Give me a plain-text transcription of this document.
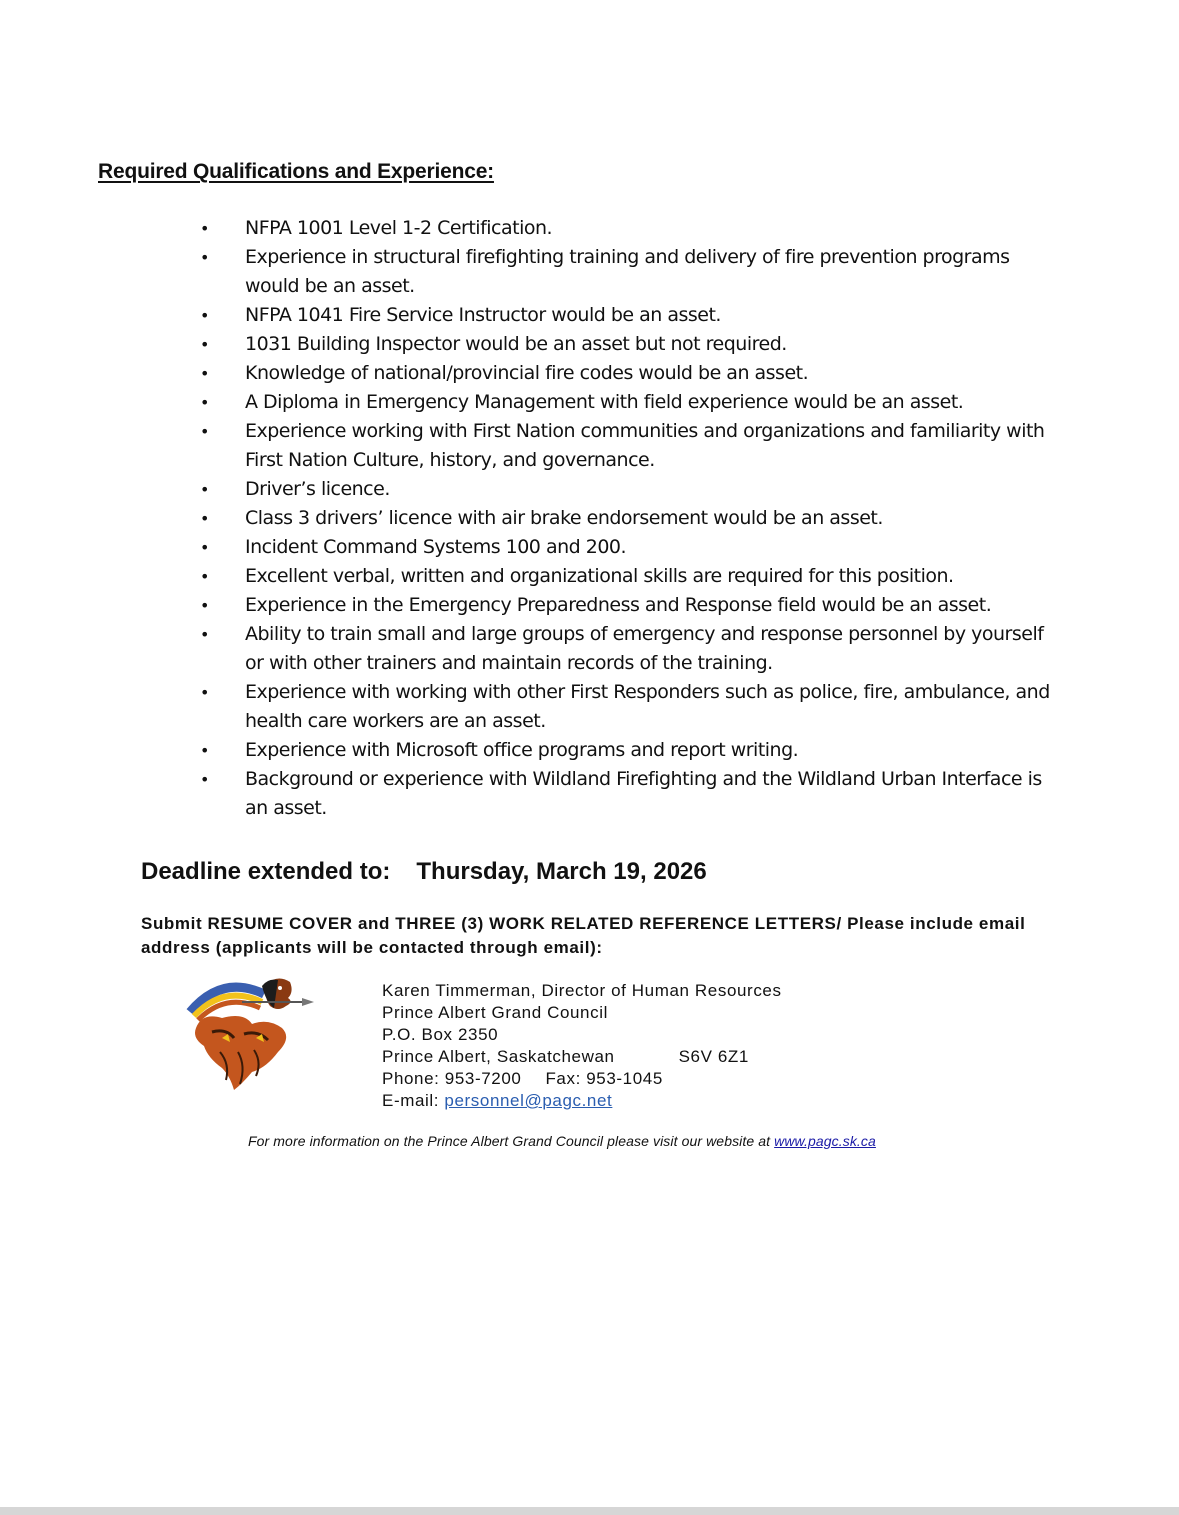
Required Qualifications and Experience:
• NFPA 1001 Level 1-2 Certification.
• Experience in structural firefighting training and delivery of fire prevention programs would be an asset.
• NFPA 1041 Fire Service Instructor would be an asset.
• 1031 Building Inspector would be an asset but not required.
• Knowledge of national/provincial fire codes would be an asset.
• A Diploma in Emergency Management with field experience would be an asset.
• Experience working with First Nation communities and organizations and familiarity with First Nation Culture, history, and governance.
• Driver’s licence.
• Class 3 drivers’ licence with air brake endorsement would be an asset.
• Incident Command Systems 100 and 200.
• Excellent verbal, written and organizational skills are required for this position.
• Experience in the Emergency Preparedness and Response field would be an asset.
• Ability to train small and large groups of emergency and response personnel by yourself or with other trainers and maintain records of the training.
• Experience with working with other First Responders such as police, fire, ambulance, and health care workers are an asset.
• Experience with Microsoft office programs and report writing.
• Background or experience with Wildland Firefighting and the Wildland Urban Interface is an asset.

Deadline extended to: Thursday, March 19, 2026

Submit RESUME COVER and THREE (3) WORK RELATED REFERENCE LETTERS/ Please include email address (applicants will be contacted through email):

Karen Timmerman, Director of Human Resources
Prince Albert Grand Council
P.O. Box 2350
Prince Albert, Saskatchewan	S6V 6Z1
Phone: 953-7200 Fax: 953-1045
E-mail: personnel@pagc.net
For more information on the Prince Albert Grand Council please visit our website at www.pagc.sk.ca
